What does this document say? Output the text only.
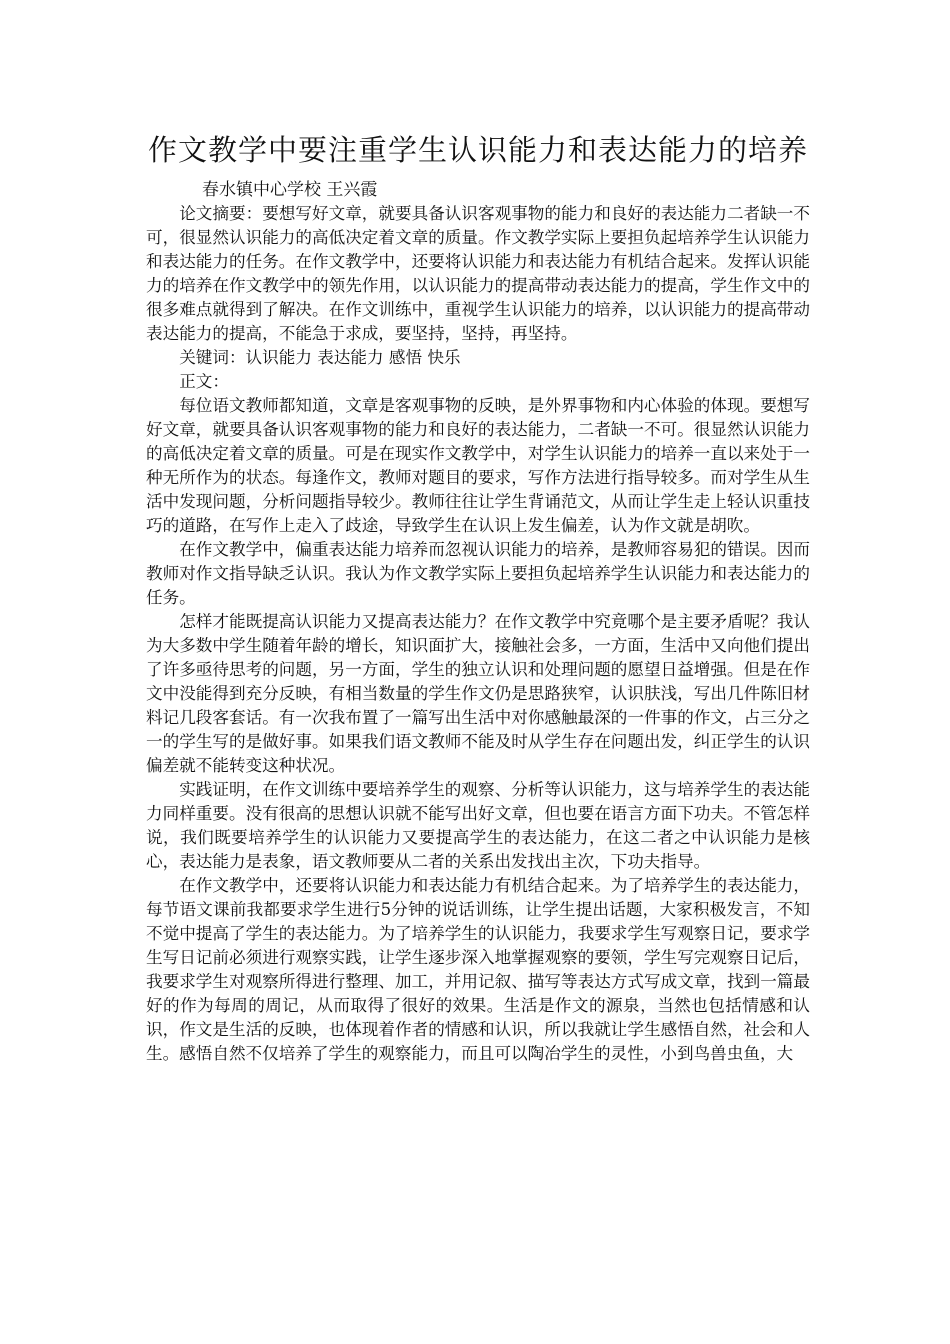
作文教学中要注重学生认识能力和表达能力的培养
春水镇中心学校 王兴霞

论文摘要：要想写好文章，就要具备认识客观事物的能力和良好的表达能力二者缺一不可，很显然认识能力的高低决定着文章的质量。作文教学实际上要担负起培养学生认识能力和表达能力的任务。在作文教学中，还要将认识能力和表达能力有机结合起来。发挥认识能力的培养在作文教学中的领先作用，以认识能力的提高带动表达能力的提高，学生作文中的很多难点就得到了解决。在作文训练中，重视学生认识能力的培养，以认识能力的提高带动表达能力的提高，不能急于求成，要坚持，坚持，再坚持。

关键词：认识能力 表达能力 感悟 快乐

正文：

每位语文教师都知道，文章是客观事物的反映，是外界事物和内心体验的体现。要想写好文章，就要具备认识客观事物的能力和良好的表达能力，二者缺一不可。很显然认识能力的高低决定着文章的质量。可是在现实作文教学中，对学生认识能力的培养一直以来处于一种无所作为的状态。每逢作文，教师对题目的要求，写作方法进行指导较多。而对学生从生活中发现问题，分析问题指导较少。教师往往让学生背诵范文，从而让学生走上轻认识重技巧的道路，在写作上走入了歧途，导致学生在认识上发生偏差，认为作文就是胡吹。

在作文教学中，偏重表达能力培养而忽视认识能力的培养，是教师容易犯的错误。因而教师对作文指导缺乏认识。我认为作文教学实际上要担负起培养学生认识能力和表达能力的任务。

怎样才能既提高认识能力又提高表达能力？在作文教学中究竟哪个是主要矛盾呢？我认为大多数中学生随着年龄的增长，知识面扩大，接触社会多，一方面，生活中又向他们提出了许多亟待思考的问题，另一方面，学生的独立认识和处理问题的愿望日益增强。但是在作文中没能得到充分反映，有相当数量的学生作文仍是思路狭窄，认识肤浅，写出几件陈旧材料记几段客套话。有一次我布置了一篇写出生活中对你感触最深的一件事的作文，占三分之一的学生写的是做好事。如果我们语文教师不能及时从学生存在问题出发，纠正学生的认识偏差就不能转变这种状况。

实践证明，在作文训练中要培养学生的观察、分析等认识能力，这与培养学生的表达能力同样重要。没有很高的思想认识就不能写出好文章，但也要在语言方面下功夫。不管怎样说，我们既要培养学生的认识能力又要提高学生的表达能力，在这二者之中认识能力是核心，表达能力是表象，语文教师要从二者的关系出发找出主次，下功夫指导。

在作文教学中，还要将认识能力和表达能力有机结合起来。为了培养学生的表达能力，每节语文课前我都要求学生进行5分钟的说话训练，让学生提出话题，大家积极发言，不知不觉中提高了学生的表达能力。为了培养学生的认识能力，我要求学生写观察日记，要求学生写日记前必须进行观察实践，让学生逐步深入地掌握观察的要领，学生写完观察日记后，我要求学生对观察所得进行整理、加工，并用记叙、描写等表达方式写成文章，找到一篇最好的作为每周的周记，从而取得了很好的效果。生活是作文的源泉，当然也包括情感和认识，作文是生活的反映，也体现着作者的情感和认识，所以我就让学生感悟自然，社会和人生。感悟自然不仅培养了学生的观察能力，而且可以陶冶学生的灵性，小到鸟兽虫鱼，大
